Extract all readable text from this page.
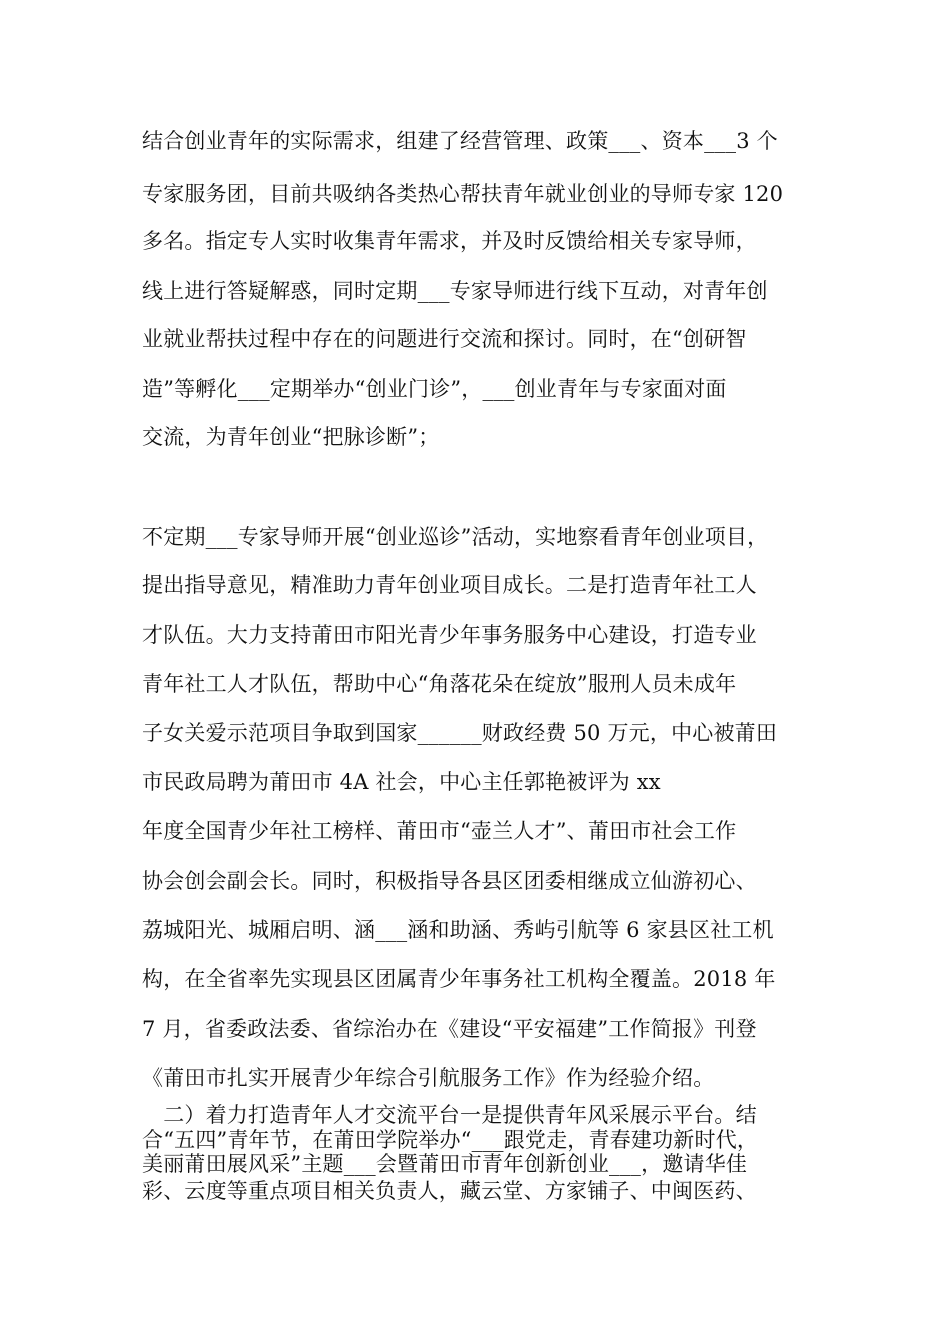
结合创业青年的实际需求，组建了经营管理、政策___、资本___3 个
专家服务团，目前共吸纳各类热心帮扶青年就业创业的导师专家 120
多名。指定专人实时收集青年需求，并及时反馈给相关专家导师，
线上进行答疑解惑，同时定期___专家导师进行线下互动，对青年创
业就业帮扶过程中存在的问题进行交流和探讨。同时，在“创研智
造”等孵化___定期举办“创业门诊”，___创业青年与专家面对面
交流，为青年创业“把脉诊断”；
不定期___专家导师开展“创业巡诊”活动，实地察看青年创业项目，
提出指导意见，精准助力青年创业项目成长。二是打造青年社工人
才队伍。大力支持莆田市阳光青少年事务服务中心建设，打造专业
青年社工人才队伍，帮助中心“角落花朵在绽放”服刑人员未成年
子女关爱示范项目争取到国家______财政经费 50 万元，中心被莆田
市民政局聘为莆田市 4A 社会，中心主任郭艳被评为 xx
年度全国青少年社工榜样、莆田市“壶兰人才”、莆田市社会工作
协会创会副会长。同时，积极指导各县区团委相继成立仙游初心、
荔城阳光、城厢启明、涵___涵和助涵、秀屿引航等 6 家县区社工机
构，在全省率先实现县区团属青少年事务社工机构全覆盖。2018 年
7 月，省委政法委、省综治办在《建设“平安福建”工作简报》刊登
《莆田市扎实开展青少年综合引航服务工作》作为经验介绍。
　二）着力打造青年人才交流平台一是提供青年风采展示平台。结
合“五四”青年节，在莆田学院举办“___跟党走，青春建功新时代，
美丽莆田展风采”主题___会暨莆田市青年创新创业___，邀请华佳
彩、云度等重点项目相关负责人，藏云堂、方家铺子、中闽医药、
